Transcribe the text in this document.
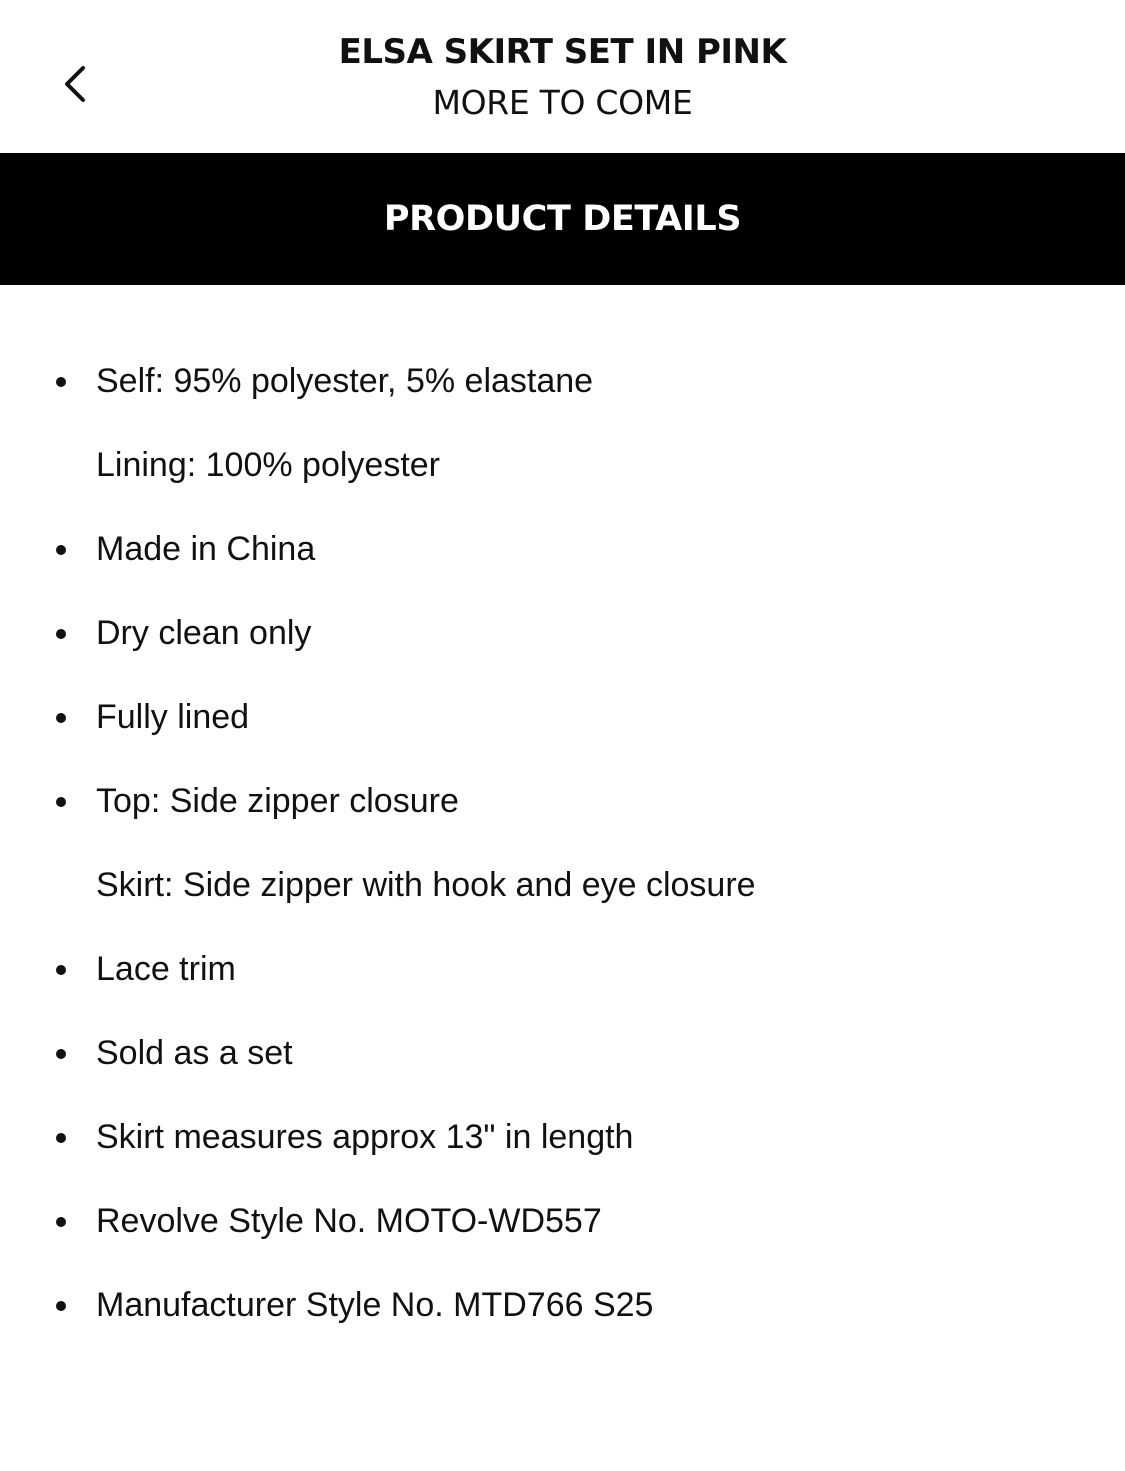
ELSA SKIRT SET IN PINK
MORE TO COME
PRODUCT DETAILS
Self: 95% polyester, 5% elastane
Lining: 100% polyester
Made in China
Dry clean only
Fully lined
Top: Side zipper closure
Skirt: Side zipper with hook and eye closure
Lace trim
Sold as a set
Skirt measures approx 13" in length
Revolve Style No. MOTO-WD557
Manufacturer Style No. MTD766 S25
